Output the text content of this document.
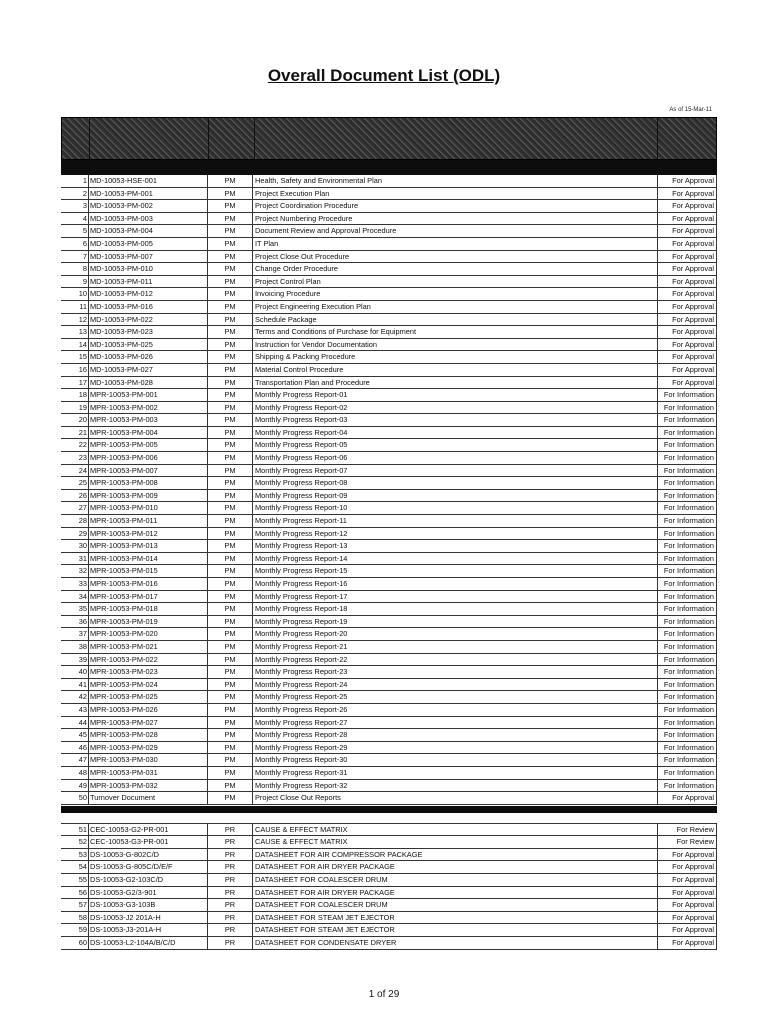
Overall Document List (ODL)
As of 15-Mar-11
1 MD-10053-HSE-001	PM	Health, Safety and Environmental Plan	For Approval
2 MD-10053-PM-001	PM	Project Execution Plan	For Approval
3 MD-10053-PM-002	PM	Project Coordination Procedure	For Approval
4 MD-10053-PM-003	PM	Project Numbering Procedure	For Approval
5 MD-10053-PM-004	PM	Document Review and Approval Procedure	For Approval
6 MD-10053-PM-005	PM	IT Plan	For Approval
7 MD-10053-PM-007	PM	Project Close Out Procedure	For Approval
8 MD-10053-PM-010	PM	Change Order Procedure	For Approval
9 MD-10053-PM-011	PM	Project Control Plan	For Approval
10 MD-10053-PM-012	PM	Invoicing Procedure	For Approval
11 MD-10053-PM-016	PM	Project Engineering Execution Plan	For Approval
12 MD-10053-PM-022	PM	Schedule Package	For Approval
13 MD-10053-PM-023	PM	Terms and Conditions of Purchase for Equipment	For Approval
14 MD-10053-PM-025	PM	Instruction for Vendor Documentation	For Approval
15 MD-10053-PM-026	PM	Shipping & Packing Procedure	For Approval
16 MD-10053-PM-027	PM	Material Control Procedure	For Approval
17 MD-10053-PM-028	PM	Transportation Plan and Procedure	For Approval
18 MPR-10053-PM-001	PM	Monthly Progress Report-01	For Information
19 MPR-10053-PM-002	PM	Monthly Progress Report-02	For Information
20 MPR-10053-PM-003	PM	Monthly Progress Report-03	For Information
21 MPR-10053-PM-004	PM	Monthly Progress Report-04	For Information
22 MPR-10053-PM-005	PM	Monthly Progress Report-05	For Information
23 MPR-10053-PM-006	PM	Monthly Progress Report-06	For Information
24 MPR-10053-PM-007	PM	Monthly Progress Report-07	For Information
25 MPR-10053-PM-008	PM	Monthly Progress Report-08	For Information
26 MPR-10053-PM-009	PM	Monthly Progress Report-09	For Information
27 MPR-10053-PM-010	PM	Monthly Progress Report-10	For Information
28 MPR-10053-PM-011	PM	Monthly Progress Report-11	For Information
29 MPR-10053-PM-012	PM	Monthly Progress Report-12	For Information
30 MPR-10053-PM-013	PM	Monthly Progress Report-13	For Information
31 MPR-10053-PM-014	PM	Monthly Progress Report-14	For Information
32 MPR-10053-PM-015	PM	Monthly Progress Report-15	For Information
33 MPR-10053-PM-016	PM	Monthly Progress Report-16	For Information
34 MPR-10053-PM-017	PM	Monthly Progress Report-17	For Information
35 MPR-10053-PM-018	PM	Monthly Progress Report-18	For Information
36 MPR-10053-PM-019	PM	Monthly Progress Report-19	For Information
37 MPR-10053-PM-020	PM	Monthly Progress Report-20	For Information
38 MPR-10053-PM-021	PM	Monthly Progress Report-21	For Information
39 MPR-10053-PM-022	PM	Monthly Progress Report-22	For Information
40 MPR-10053-PM-023	PM	Monthly Progress Report-23	For Information
41 MPR-10053-PM-024	PM	Monthly Progress Report-24	For Information
42 MPR-10053-PM-025	PM	Monthly Progress Report-25	For Information
43 MPR-10053-PM-026	PM	Monthly Progress Report-26	For Information
44 MPR-10053-PM-027	PM	Monthly Progress Report-27	For Information
45 MPR-10053-PM-028	PM	Monthly Progress Report-28	For Information
46 MPR-10053-PM-029	PM	Monthly Progress Report-29	For Information
47 MPR-10053-PM-030	PM	Monthly Progress Report-30	For Information
48 MPR-10053-PM-031	PM	Monthly Progress Report-31	For Information
49 MPR-10053-PM-032	PM	Monthly Progress Report-32	For Information
50 Turnover Document	PM	Project Close Out Reports	For Approval
51 CEC-10053-G2-PR-001	PR	CAUSE & EFFECT MATRIX	For Review
52 CEC-10053-G3-PR-001	PR	CAUSE & EFFECT MATRIX	For Review
53 DS-10053-G-802C/D	PR	DATASHEET FOR AIR COMPRESSOR PACKAGE	For Approval
54 DS-10053-G-805C/D/E/F	PR	DATASHEET FOR AIR DRYER PACKAGE	For Approval
55 DS-10053-G2-103C/D	PR	DATASHEET FOR COALESCER DRUM	For Approval
56 DS-10053-G2/3-901	PR	DATASHEET FOR AIR DRYER PACKAGE	For Approval
57 DS-10053-G3-103B	PR	DATASHEET FOR COALESCER DRUM	For Approval
58 DS-10053-J2 201A-H	PR	DATASHEET FOR STEAM JET EJECTOR	For Approval
59 DS-10053-J3-201A-H	PR	DATASHEET FOR STEAM JET EJECTOR	For Approval
60 DS-10053-L2-104A/B/C/D	PR	DATASHEET FOR CONDENSATE DRYER	For Approval
1 of 29
